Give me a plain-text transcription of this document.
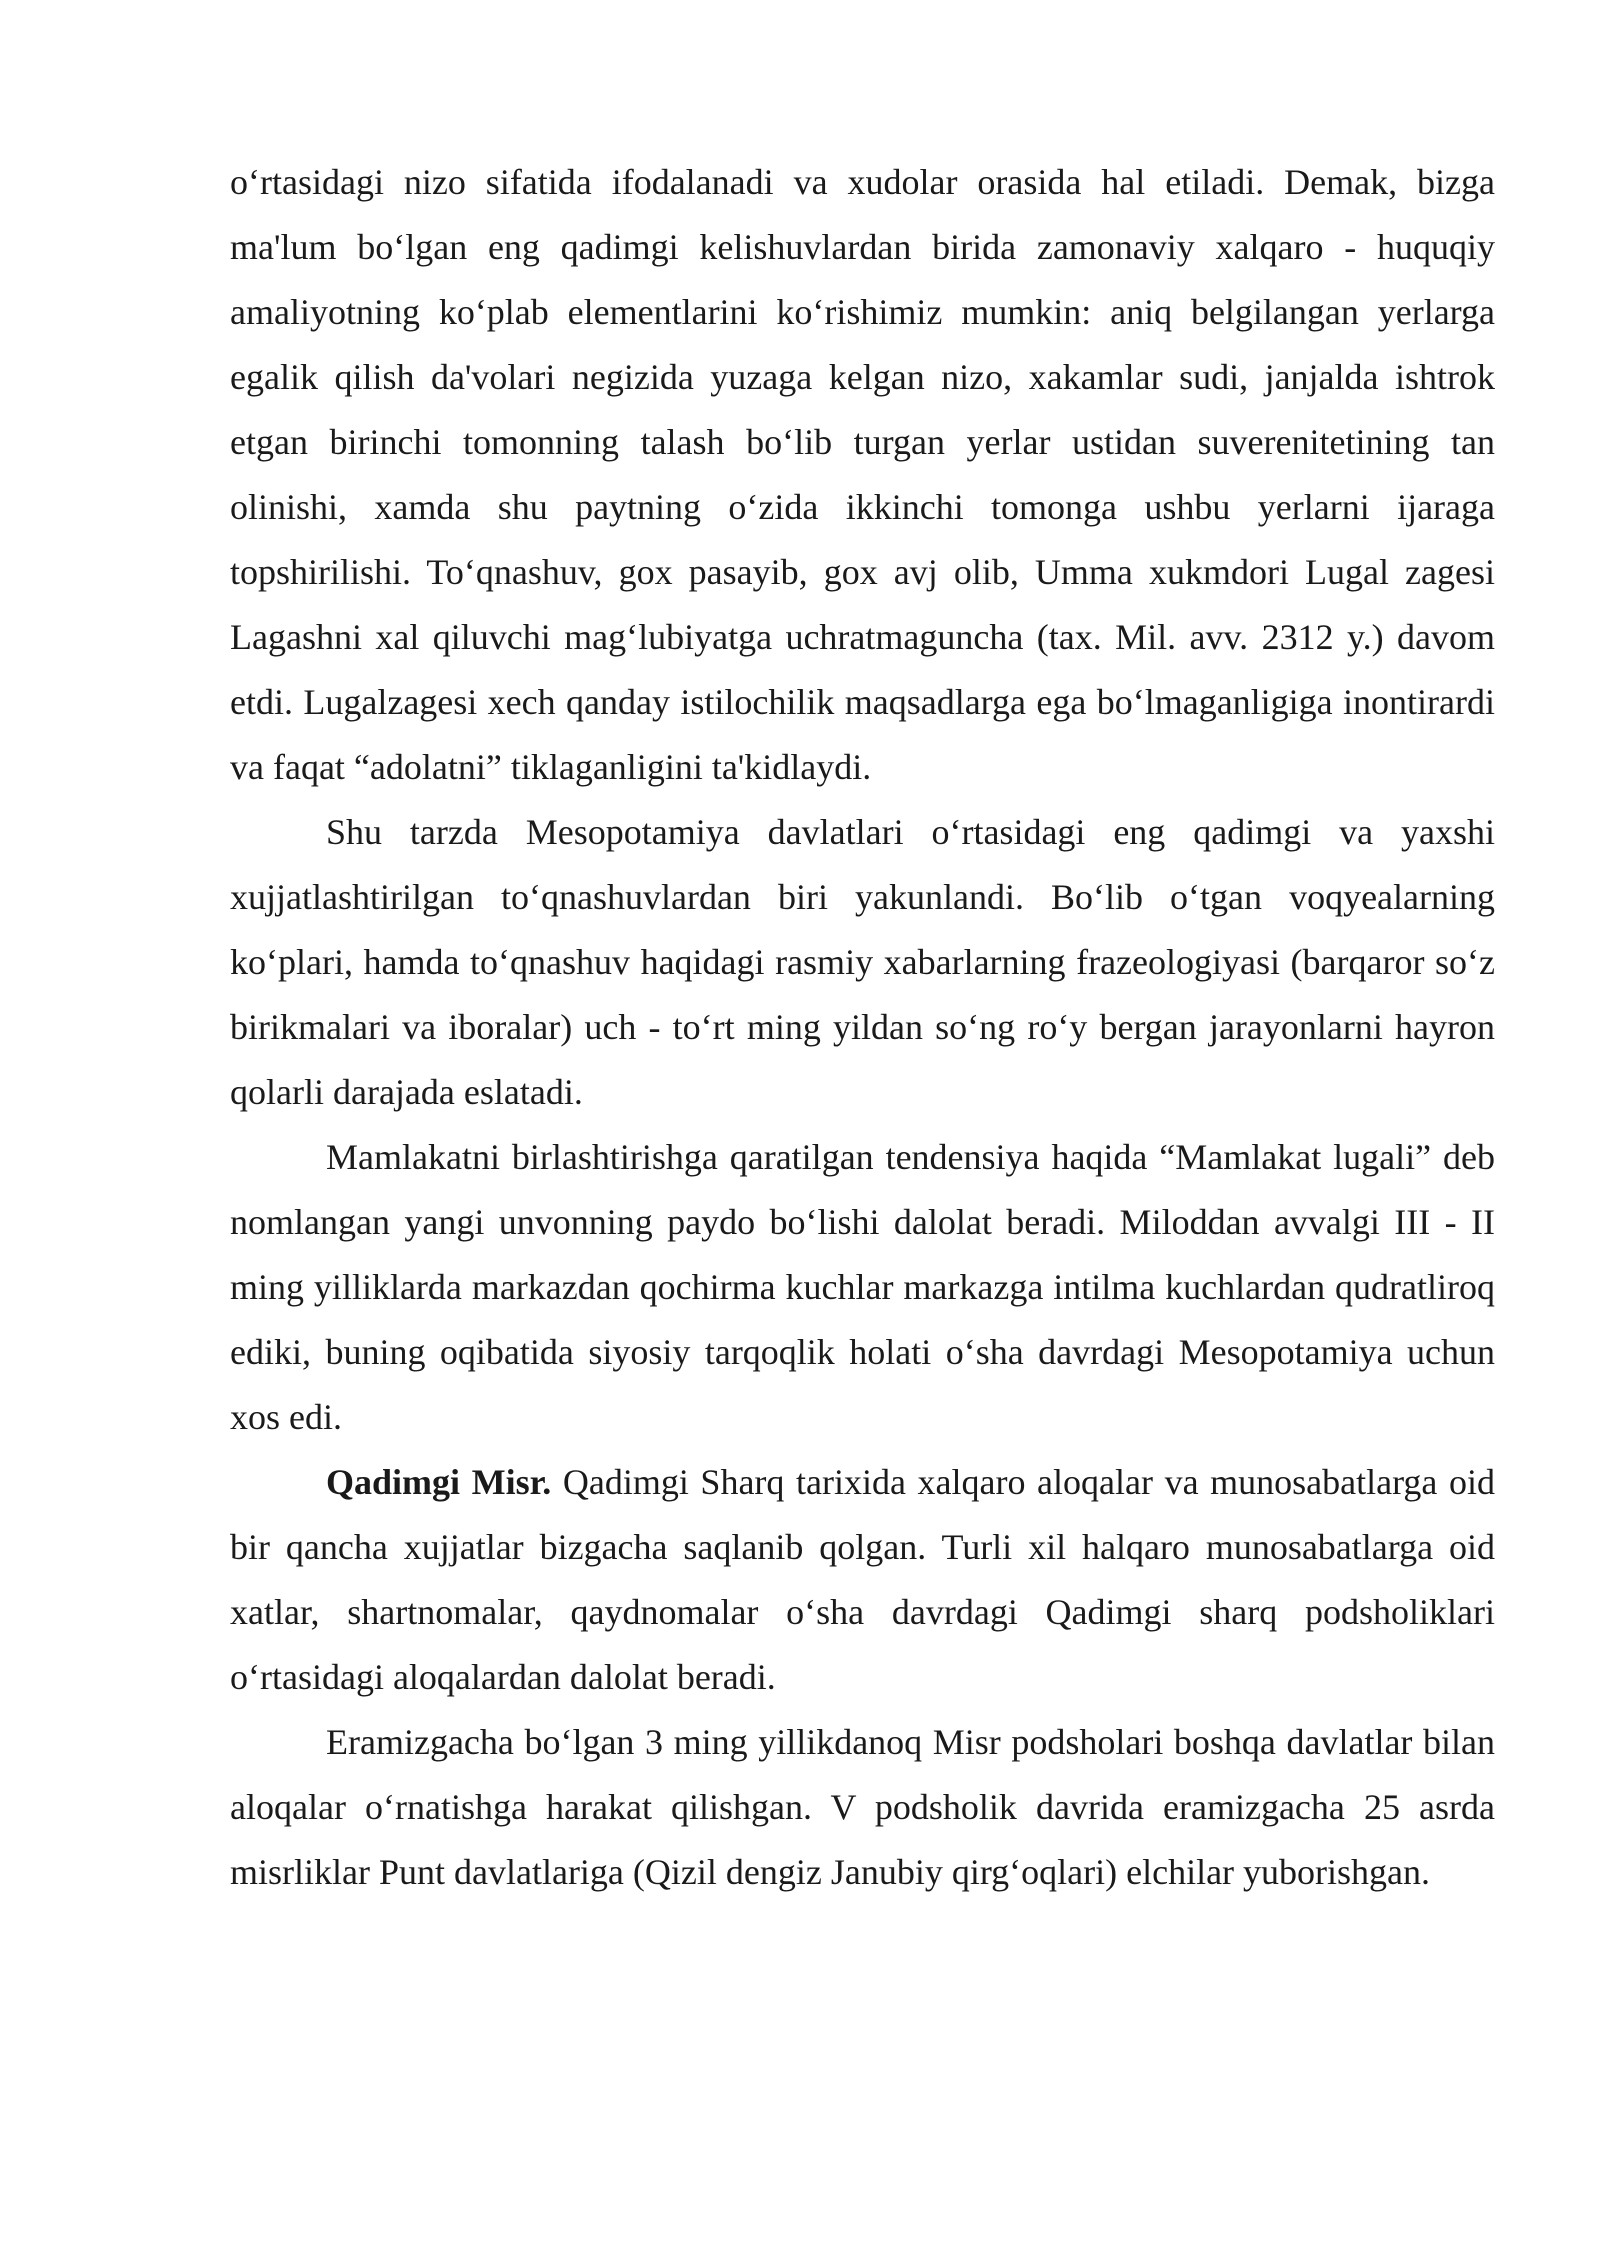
o‘rtasidagi nizo sifatida ifodalanadi va xudolar orasida hal etiladi. Demak, bizga ma'lum bo‘lgan eng qadimgi kelishuvlardan birida zamonaviy xalqaro - huquqiy amaliyotning ko‘plab elementlarini ko‘rishimiz mumkin: aniq belgilangan yerlarga egalik qilish da'volari negizida yuzaga kelgan nizo, xakamlar sudi, janjalda ishtrok etgan birinchi tomonning talash bo‘lib turgan yerlar ustidan suverenitetining tan olinishi, xamda shu paytning o‘zida ikkinchi tomonga ushbu yerlarni ijaraga topshirilishi. To‘qnashuv, gox pasayib, gox avj olib, Umma xukmdori Lugal zagesi Lagashni xal qiluvchi mag‘lubiyatga uchratmaguncha (tax. Mil. avv. 2312 y.) davom etdi. Lugalzagesi xech qanday istilochilik maqsadlarga ega bo‘lmaganligiga inontirardi va faqat “adolatni” tiklaganligini ta'kidlaydi.

Shu tarzda Mesopotamiya davlatlari o‘rtasidagi eng qadimgi va yaxshi xujjatlashtirilgan to‘qnashuvlardan biri yakunlandi. Bo‘lib o‘tgan voqyealarning ko‘plari, hamda to‘qnashuv haqidagi rasmiy xabarlarning frazeologiyasi (barqaror so‘z birikmalari va iboralar) uch - to‘rt ming yildan so‘ng ro‘y bergan jarayonlarni hayron qolarli darajada eslatadi.

Mamlakatni birlashtirishga qaratilgan tendensiya haqida “Mamlakat lugali” deb nomlangan yangi unvonning paydo bo‘lishi dalolat beradi. Miloddan avvalgi III - II ming yilliklarda markazdan qochirma kuchlar markazga intilma kuchlardan qudratliroq ediki, buning oqibatida siyosiy tarqoqlik holati o‘sha davrdagi Mesopotamiya uchun xos edi.

Qadimgi Misr. Qadimgi Sharq tarixida xalqaro aloqalar va munosabatlarga oid bir qancha xujjatlar bizgacha saqlanib qolgan. Turli xil halqaro munosabatlarga oid xatlar, shartnomalar, qaydnomalar o‘sha davrdagi Qadimgi sharq podsholiklari o‘rtasidagi aloqalardan dalolat beradi.

Eramizgacha bo‘lgan 3 ming yillikdanoq Misr podsholari boshqa davlatlar bilan aloqalar o‘rnatishga harakat qilishgan. V podsholik davrida eramizgacha 25 asrda misrliklar Punt davlatlariga (Qizil dengiz Janubiy qirg‘oqlari) elchilar yuborishgan.
